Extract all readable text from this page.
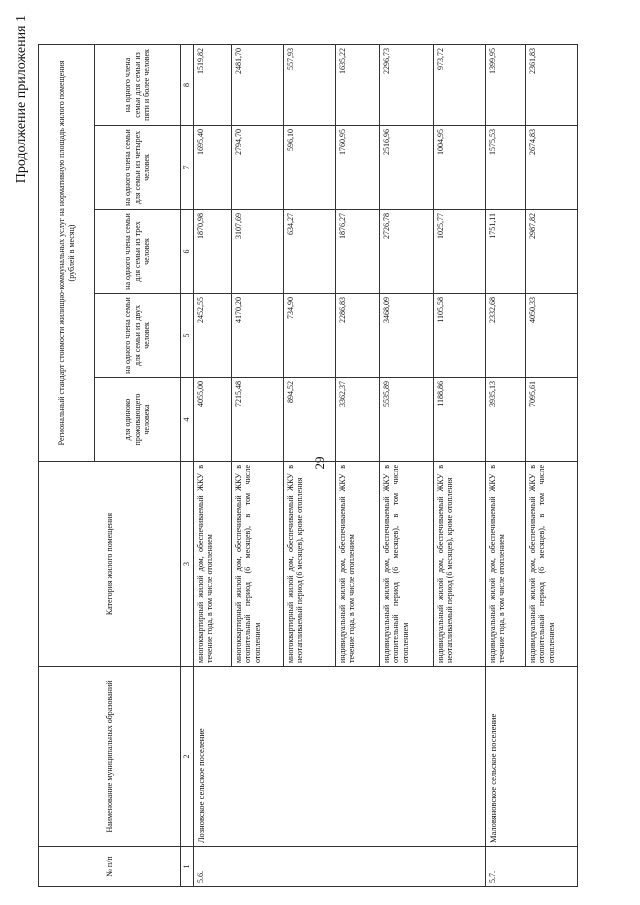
29
Продолжение приложения 1
№ п/п	Наименование муниципальных образований	Категория жилого помещения	Региональный стандарт стоимости жилищно-коммунальных услуг на нормативную площадь жилого помещения (рублей в месяц)				
			для одиноко проживающего человека	на одного члена семьи для семьи из двух человек	на одного члена семьи для семьи из трех человек	на одного члена семьи для семьи из четырех человек	на одного члена семьи для семьи из пяти и более человек
1	2	3	4	5	6	7	8
5.6.	Лозновское сельское поселение	многоквартирный жилой дом, обеспечиваемый ЖКУ в течение года, в том числе отоплением	4055,00	2452,55	1870,98	1695,40	1519,82
		многоквартирный жилой дом, обеспечиваемый ЖКУ в отопительный период (6 месяцев), в том числе отоплением	7215,48	4170,20	3107,69	2794,70	2481,70
		многоквартирный жилой дом, обеспечиваемый ЖКУ в неотапливаемый период (6 месяцев), кроме отопления	894,52	734,90	634,27	596,10	557,93
		индивидуальный жилой дом, обеспечиваемый ЖКУ в течение года, в том числе отоплением	3362,37	2286,83	1876,27	1760,95	1635,22
		индивидуальный жилой дом, обеспечиваемый ЖКУ в отопительный период (6 месяцев), в том числе отоплением	5535,89	3468,09	2726,78	2516,96	2296,73
		индивидуальный жилой дом, обеспечиваемый ЖКУ в неотапливаемый период (6 месяцев), кроме отопления	1188,86	1105,58	1025,77	1004,95	973,72
5.7.	Маловяновское сельское поселение	индивидуальный жилой дом, обеспечиваемый ЖКУ в течение года, в том числе отоплением	3935,13	2332,68	1751,11	1575,53	1399,95
		индивидуальный жилой дом, обеспечиваемый ЖКУ в отопительный период (6 месяцев), в том числе отоплением	7095,61	4050,33	2987,82	2674,83	2361,83
